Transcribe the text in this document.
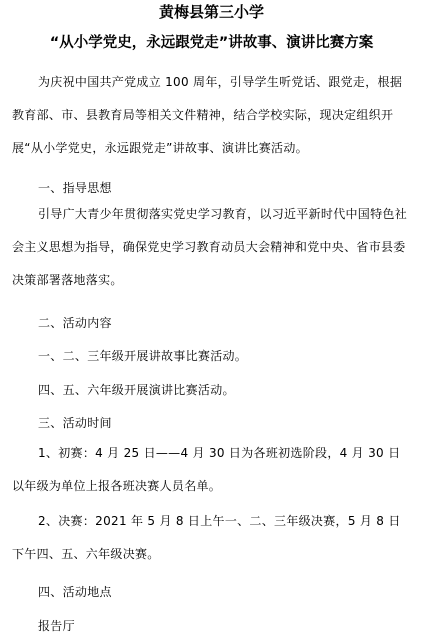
黄梅县第三小学
“从小学党史，永远跟党走”讲故事、演讲比赛方案

为庆祝中国共产党成立 100 周年，引导学生听党话、跟党走，根据教育部、市、县教育局等相关文件精神，结合学校实际，现决定组织开展“从小学党史，永远跟党走”讲故事、演讲比赛活动。

一、指导思想

引导广大青少年贯彻落实党史学习教育，以习近平新时代中国特色社会主义思想为指导，确保党史学习教育动员大会精神和党中央、省市县委决策部署落地落实。

二、活动内容
一、二、三年级开展讲故事比赛活动。
四、五、六年级开展演讲比赛活动。
三、活动时间

1、初赛：4 月 25 日——4 月 30 日为各班初选阶段，4 月 30 日以年级为单位上报各班决赛人员名单。

2、决赛：2021 年 5 月 8 日上午一、二、三年级决赛，5 月 8 日下午四、五、六年级决赛。

四、活动地点
报告厅
